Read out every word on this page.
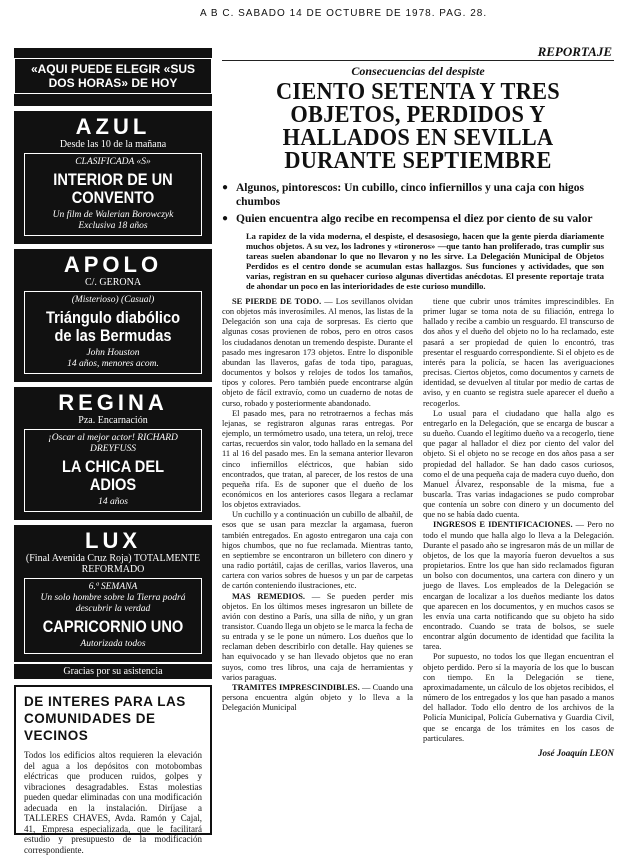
A B C. SABADO 14 DE OCTUBRE DE 1978. PAG. 28.
REPORTAJE
«AQUI PUEDE ELEGIR «SUS DOS HORAS» DE HOY
AZUL
Desde las 10 de la mañana
CLASIFICADA «S»
INTERIOR DE UN CONVENTO
Un film de Walerian Borowczyk
Exclusiva 18 años
APOLO
C/. GERONA
(Misterioso) (Casual)
Triángulo diabólico de las Bermudas
John Houston
14 años, menores acom.
REGINA
Pza. Encarnación
¡Oscar al mejor actor! RICHARD DREYFUSS
LA CHICA DEL ADIOS
14 años
LUX
(Final Avenida Cruz Roja) TOTALMENTE REFORMADO
6.ª SEMANA
Un solo hombre sobre la Tierra podrá descubrir la verdad
CAPRICORNIO UNO
Autorizada todos
Gracias por su asistencia
DE INTERES PARA LAS COMUNIDADES DE VECINOS
Todos los edificios altos requieren la elevación del agua a los depósitos con motobombas eléctricas que producen ruidos, golpes y vibraciones desagradables. Estas molestias pueden quedar eliminadas con una modificación adecuada en la instalación. Diríjase a TALLERES CHAVES, Avda. Ramón y Cajal, 41, Empresa especializada, que le facilitará estudio y presupuesto de la modificación correspondiente.
Consecuencias del despiste
CIENTO SETENTA Y TRES OBJETOS, PERDIDOS Y HALLADOS EN SEVILLA DURANTE SEPTIEMBRE
● Algunos, pintorescos: Un cubillo, cinco infiernillos y una caja con higos chumbos
● Quien encuentra algo recibe en recompensa el diez por ciento de su valor
La rapidez de la vida moderna, el despiste, el desasosiego, hacen que la gente pierda diariamente muchos objetos. A su vez, los ladrones y «tironeros» —que tanto han proliferado, tras cumplir sus tareas suelen abandonar lo que no llevaron y no les sirve. La Delegación Municipal de Objetos Perdidos es el centro donde se acumulan estas hallazgos. Sus funciones y actividades, que son varias, registran en su quehacer curioso algunas divertidas anécdotas. El presente reportaje trata de ahondar un poco en las interioridades de este curioso mundillo.

SE PIERDE DE TODO. — Los sevillanos olvidan con objetos más inverosímiles. Al menos, las listas de la Delegación son una caja de sorpresas. Es cierto que algunas cosas provienen de robos, pero en otros casos los ciudadanos denotan un tremendo despiste. Durante el pasado mes ingresaron 173 objetos. Entre lo disponible abundan las llaveros, gafas de toda tipo, paraguas, documentos y bolsos y relojes de todos los tamaños, tipos y colores. Pero también puede encontrarse algún objeto de fácil extravío, como un cuaderno de notas de curso, robado y posteriormente abandonado.

El pasado mes, para no retrotraernos a fechas más lejanas, se registraron algunas raras entregas. Por ejemplo, un termómetro usado, una tetera, un reloj, trece cartas, recuerdos sin valor, todo hallado en la semana del 11 al 16 del pasado mes. En la semana anterior llevaron cinco infiernillos eléctricos, que habían sido encontrados, que tratan, al parecer, de los restos de una pequeña rifa. Es de suponer que el dueño de los económicos en los anteriores casos llegara a reclamar los objetos extraviados.

Un cuchillo y a continuación un cubillo de albañil, de esos que se usan para mezclar la argamasa, fueron también entregados. En agosto entregaron una caja con higos chumbos, que no fue reclamada. Mientras tanto, en septiembre se encontraron un billetero con dinero y una radio portátil, cajas de cerillas, varios llaveros, una cartera con varios sobres de huesos y un par de carpetas de cartón conteniendo ilustraciones, etc.

MAS REMEDIOS. — Se pueden perder mis objetos. En los últimos meses ingresaron un billete de avión con destino a París, una silla de niño, y un gran transistor. Cuando llega un objeto se le marca la fecha de su entrada y se le pone un número. Los dueños que lo reclaman deben describirlo con detalle. Hay quienes se han equivocado y se han llevado objetos que no eran suyos, como tres libros, una caja de herramientas y varios paraguas.

TRAMITES IMPRESCINDIBLES. — Cuando una persona encuentra algún objeto y lo lleva a la Delegación Municipal

tiene que cubrir unos trámites imprescindibles. En primer lugar se toma nota de su filiación, entrega lo hallado y recibe a cambio un resguardo. El transcurso de dos años y el dueño del objeto no lo ha reclamado, este pasará a ser propiedad de quien lo encontró, tras presentar el resguardo correspondiente. Si el objeto es de interés para la policía, se hacen las averiguaciones precisas. Ciertos objetos, como documentos y carnets de identidad, se devuelven al titular por medio de cartas de aviso, y en cuanto se registra suele aparecer el dueño a recogerlos.

Lo usual para el ciudadano que halla algo es entregarlo en la Delegación, que se encarga de buscar a su dueño. Cuando el legítimo dueño va a recogerlo, tiene que pagar al hallador el diez por ciento del valor del objeto. Si el objeto no se recoge en dos años pasa a ser propiedad del hallador. Se han dado casos curiosos, como el de una pequeña caja de madera cuyo dueño, don Manuel Álvarez, responsable de la misma, fue a buscarla. Tras varias indagaciones se pudo comprobar que contenía un sobre con dinero y un documento del que no se había dado cuenta.

INGRESOS E IDENTIFICACIONES. — Pero no todo el mundo que halla algo lo lleva a la Delegación. Durante el pasado año se ingresaron más de un millar de objetos, de los que la mayoría fueron devueltos a sus propietarios. Entre los que han sido reclamados figuran un bolso con documentos, una cartera con dinero y un juego de llaves. Los empleados de la Delegación se encargan de localizar a los dueños mediante los datos que aparecen en los documentos, y en muchos casos se les envía una carta notificando que su objeto ha sido encontrado. Cuando se trata de bolsos, se suele encontrar algún documento de identidad que facilita la tarea.

Por supuesto, no todos los que llegan encuentran el objeto perdido. Pero sí la mayoría de los que lo buscan con tiempo. En la Delegación se tiene, aproximadamente, un cálculo de los objetos recibidos, el número de los entregados y los que han pasado a manos del hallador. Todo ello dentro de los archivos de la Policía Municipal, Policía Gubernativa y Guardia Civil, que se encarga de los trámites en los casos de particulares.

José Joaquín LEON
